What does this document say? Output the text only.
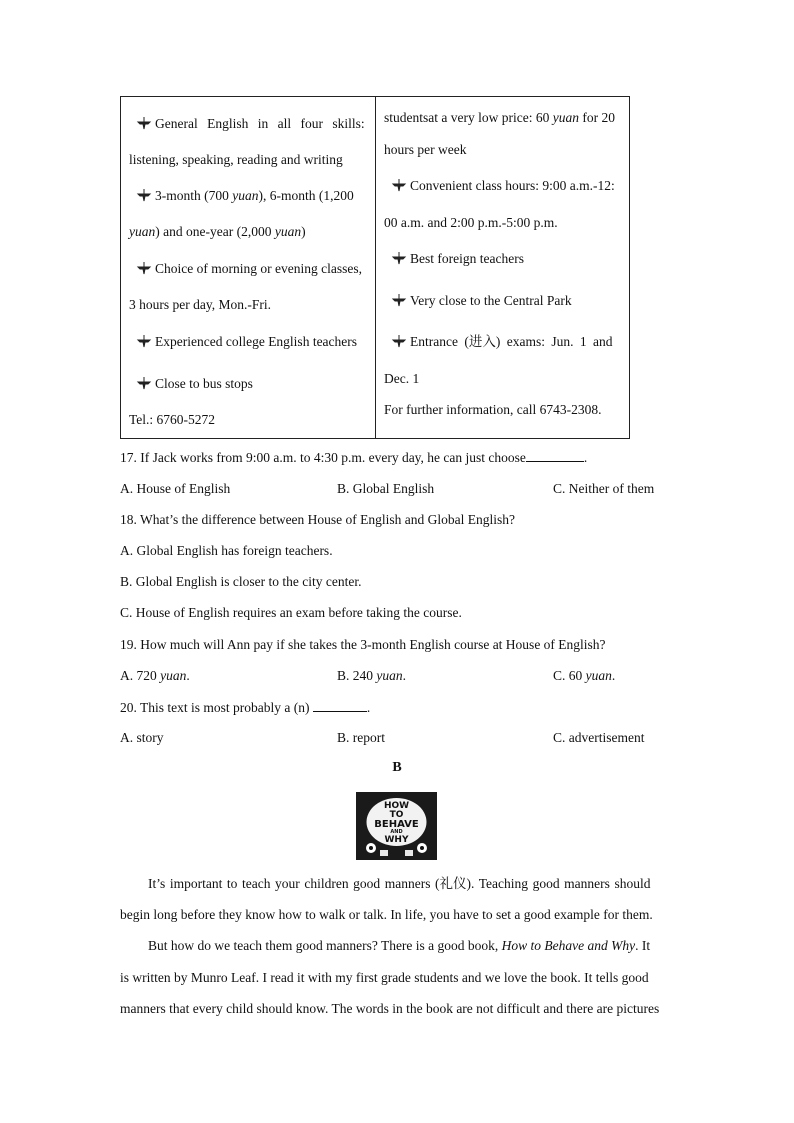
General English in all four skills:
listening, speaking, reading and writing
3-month (700 yuan), 6-month (1,200
yuan) and one-year (2,000 yuan)
Choice of morning or evening classes,
3 hours per day, Mon.-Fri.
Experienced college English teachers
Close to bus stops
Tel.: 6760-5272
studentsat a very low price: 60 yuan for 20
hours per week
Convenient class hours: 9:00 a.m.-12:
00 a.m. and 2:00 p.m.-5:00 p.m.
Best foreign teachers
Very close to the Central Park
Entrance (进入) exams: Jun. 1 and
Dec. 1
For further information, call 6743-2308.
17. If Jack works from 9:00 a.m. to 4:30 p.m. every day, he can just choose	.
A. House of English	B. Global English	C. Neither of them
18. What’s the difference between House of English and Global English?
A. Global English has foreign teachers.
B. Global English is closer to the city center.
C. House of English requires an exam before taking the course.
19. How much will Ann pay if she takes the 3-month English course at House of English?
A. 720 yuan.	B. 240 yuan.	C. 60 yuan.
20. This text is most probably a (n)	.
A. story	B. report	C. advertisement
B
HOW
TO
BEHAVE
AND
WHY
It’s important to teach your children good manners (礼仪). Teaching good manners should
begin long before they know how to walk or talk. In life, you have to set a good example for them.
But how do we teach them good manners? There is a good book, How to Behave and Why. It
is written by Munro Leaf. I read it with my first grade students and we love the book. It tells good
manners that every child should know. The words in the book are not difficult and there are pictures
